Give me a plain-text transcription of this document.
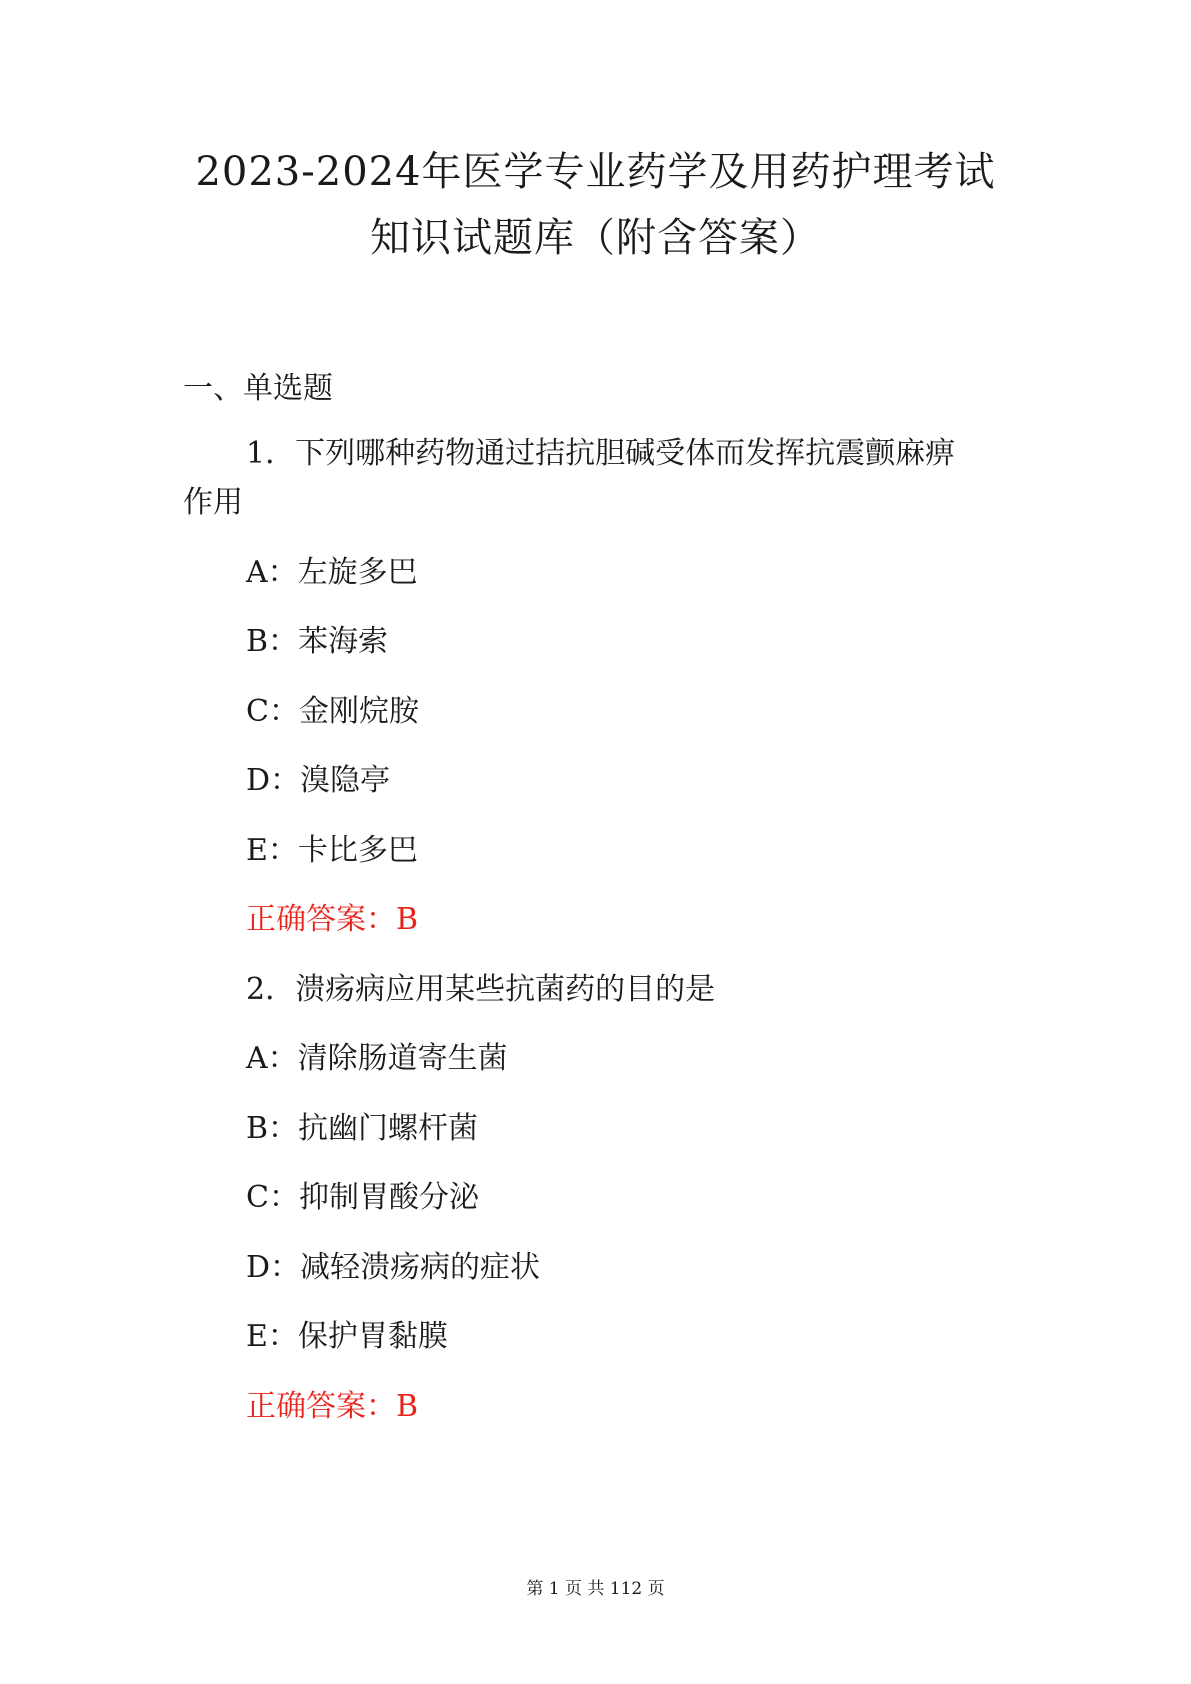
2023-2024年医学专业药学及用药护理考试
知识试题库（附含答案）
一、单选题
1．下列哪种药物通过拮抗胆碱受体而发挥抗震颤麻痹
作用
A：左旋多巴
B：苯海索
C：金刚烷胺
D：溴隐亭
E：卡比多巴
正确答案：B
2．溃疡病应用某些抗菌药的目的是
A：清除肠道寄生菌
B：抗幽门螺杆菌
C：抑制胃酸分泌
D：减轻溃疡病的症状
E：保护胃黏膜
正确答案：B
第 1 页 共 112 页
